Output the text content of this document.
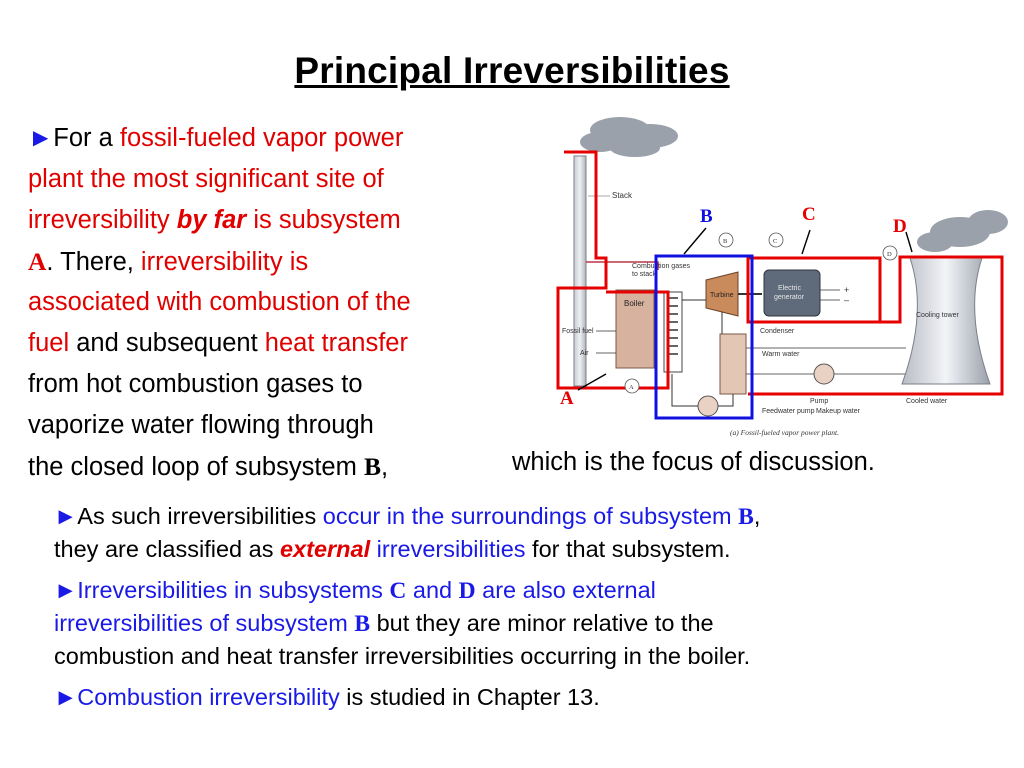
Principal Irreversibilities
►For a fossil-fueled vapor power
plant the most significant site of
irreversibility by far is subsystem
A. There, irreversibility is
associated with combustion of the
fuel and subsequent heat transfer
from hot combustion gases to
vaporize water flowing through
the closed loop of subsystem B,	which is the focus of discussion.

►As such irreversibilities occur in the surroundings of subsystem B,
they are classified as external irreversibilities for that subsystem.

►Irreversibilities in subsystems C and D are also external
irreversibilities of subsystem B but they are minor relative to the
combustion and heat transfer irreversibilities occurring in the boiler.

►Combustion irreversibility is studied in Chapter 13.

Stack
Combustion gases
to stack
Boiler
Fossil fuel
Air
Turbine
Electric
generator
+
–
Condenser
Warm water
Pump
Feedwater pump Makeup water
Cooled water
Cooling tower
B	C
D
A
B	C
D
A
(a) Fossil-fueled vapor power plant.
